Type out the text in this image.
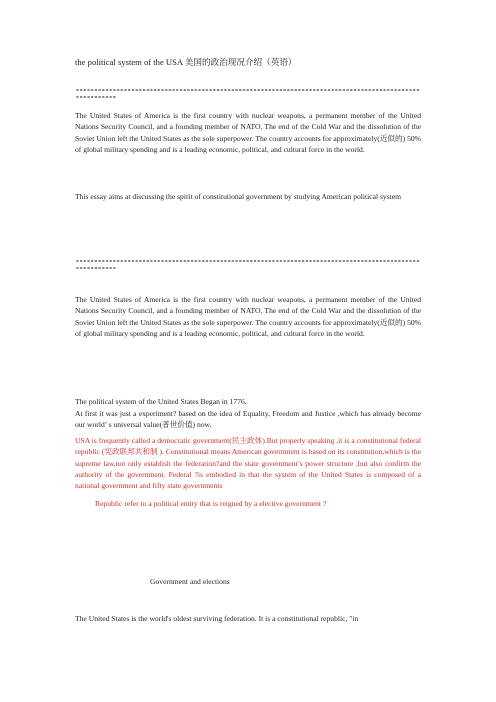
the political system of the USA 美国的政治现况介绍（英语）
--------------------------------------------------------------------------------------------------------
The United States of America is the first country with nuclear weapons, a permanent member of the United Nations Security Council, and a founding member of NATO. The end of the Cold War and the dissolution of the Soviet Union left the United States as the sole superpower. The country accounts for approximately(近似的) 50% of global military spending and is a leading economic, political, and cultural force in the world.
This essay aims at discussing the spirit of constitutional government by studying American political system
--------------------------------------------------------------------------------------------------------
The United States of America is the first country with nuclear weapons, a permanent member of the United Nations Security Council, and a founding member of NATO. The end of the Cold War and the dissolution of the Soviet Union left the United States as the sole superpower. The country accounts for approximately(近似的) 50% of global military spending and is a leading economic, political, and cultural force in the world.
The political system of the United States Began in 1776.
At first it was just a experiment? based on the idea of Equality, Freedom and Justice ,which has already become our world’ s universal value(普世价值) now.
USA is frequently called a democratic government(民主政体).But properly speaking ,it is a constitutional federal republic (宪政联邦共和制 ). Constitutional means American government is based on its constitution,which is the supreme law,not only establish the federation?and the state government’s power structure ,but also confirm the authority of the government. Federal ?is embodied in that the system of the United States is composed of a national government and fifty state governments
Republic refer to a political entity that is reigned by a elective government ?
Government and elections
The United States is the world's oldest surviving federation. It is a constitutional republic, "in
